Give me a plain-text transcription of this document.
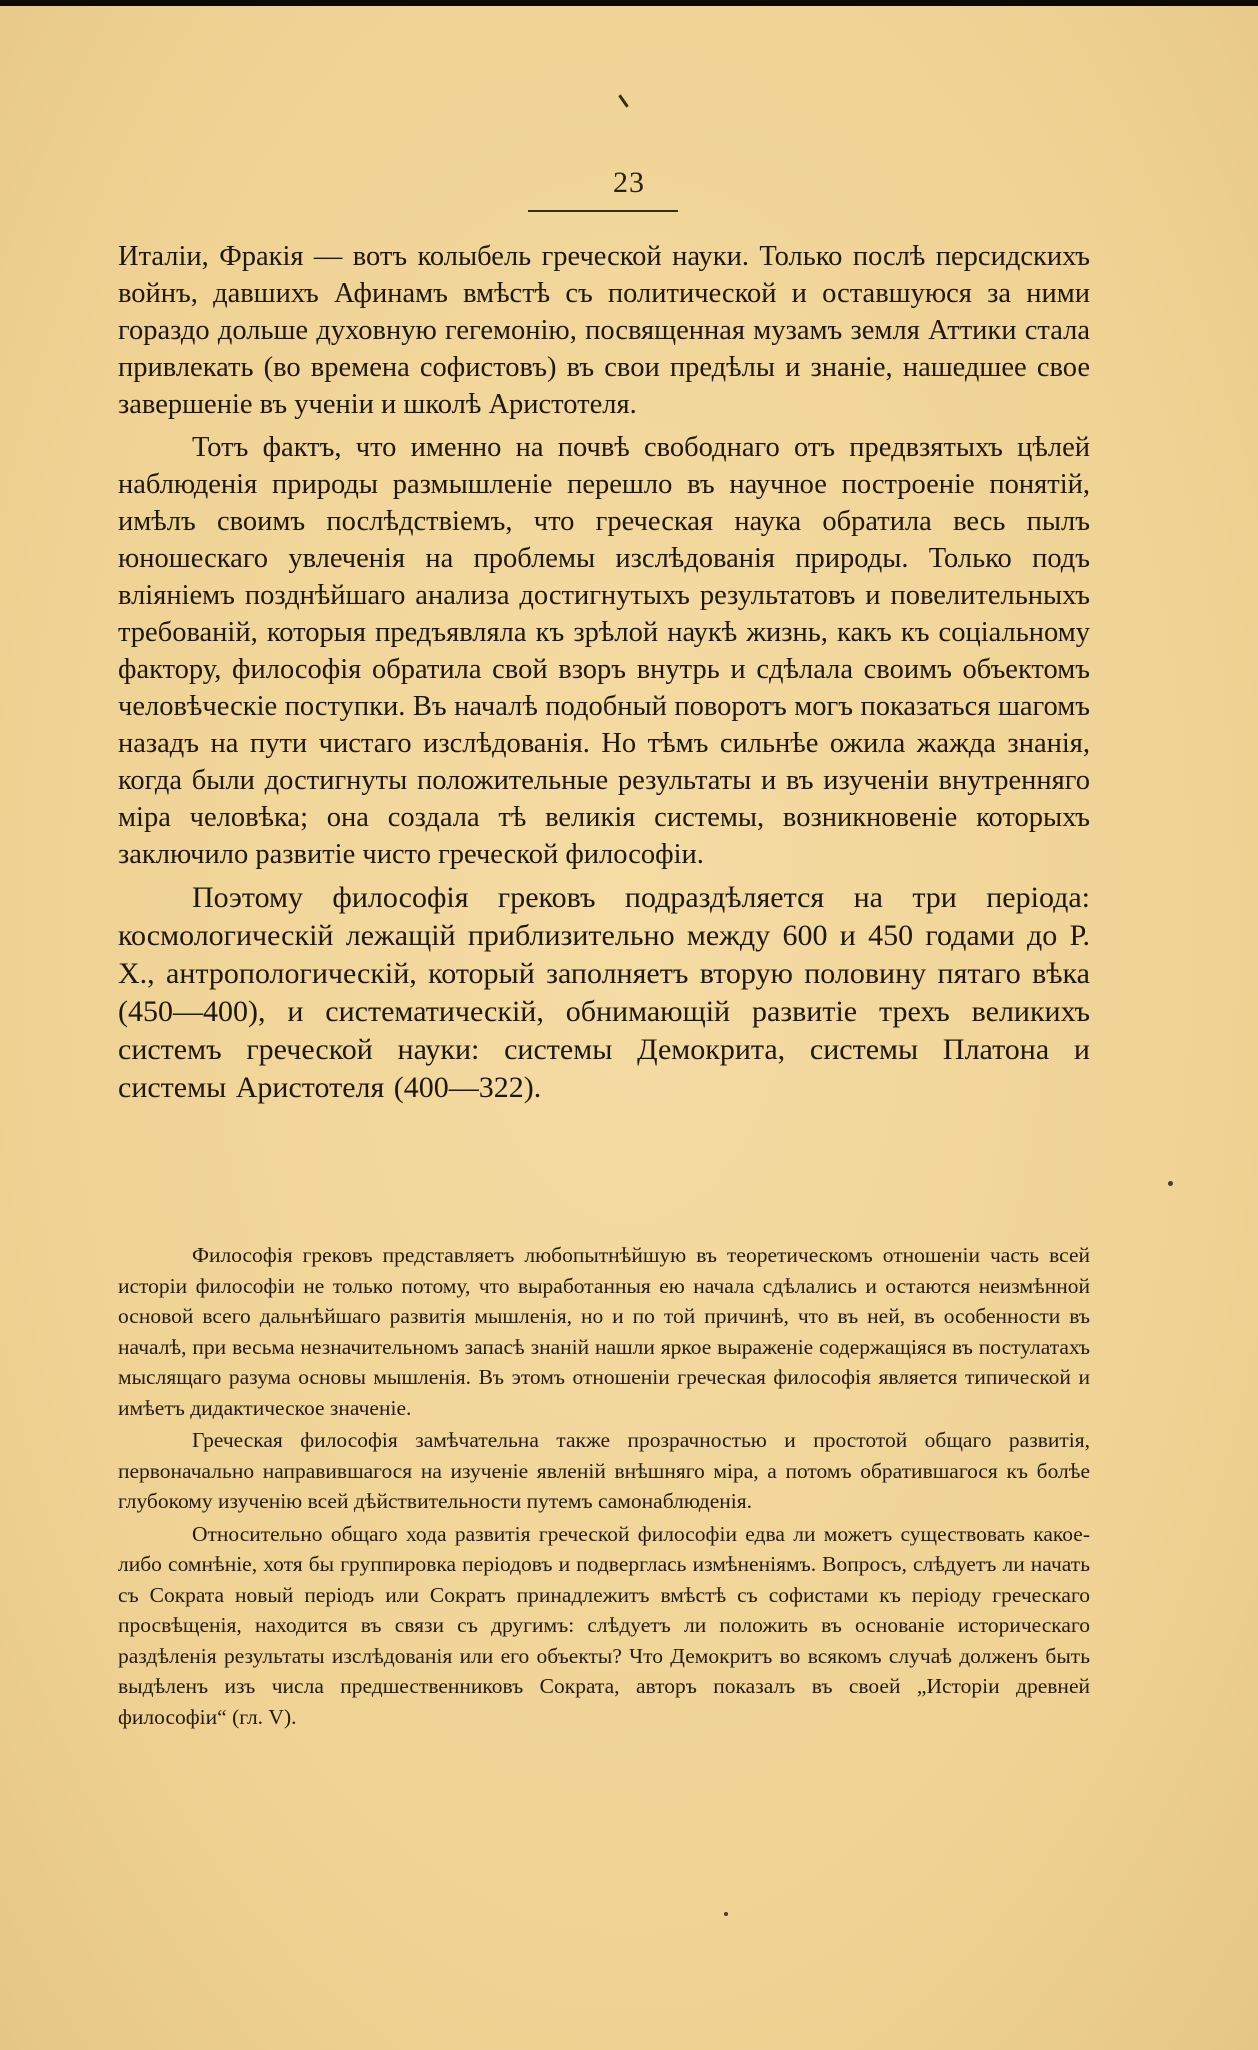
23

Италіи, Фракія — вотъ колыбель греческой науки. Только послѣ персидскихъ войнъ, давшихъ Афинамъ вмѣстѣ съ политической и оставшуюся за ними гораздо дольше духовную гегемонію, посвященная музамъ земля Аттики стала привлекать (во времена софистовъ) въ свои предѣлы и знаніе, нашедшее свое завершеніе въ ученіи и школѣ Аристотеля.

Тотъ фактъ, что именно на почвѣ свободнаго отъ предвзятыхъ цѣлей наблюденія природы размышленіе перешло въ научное построеніе понятій, имѣлъ своимъ послѣдствіемъ, что греческая наука обратила весь пылъ юношескаго увлеченія на проблемы изслѣдованія природы. Только подъ вліяніемъ позднѣйшаго анализа достигнутыхъ результатовъ и повелительныхъ требованій, которыя предъявляла къ зрѣлой наукѣ жизнь, какъ къ соціальному фактору, философія обратила свой взоръ внутрь и сдѣлала своимъ объектомъ человѣческіе поступки. Въ началѣ подобный поворотъ могъ показаться шагомъ назадъ на пути чистаго изслѣдованія. Но тѣмъ сильнѣе ожила жажда знанія, когда были достигнуты положительные результаты и въ изученіи внутренняго міра человѣка; она создала тѣ великія системы, возникновеніе которыхъ заключило развитіе чисто греческой философіи.

Поэтому философія грековъ подраздѣляется на три періода: космологическій лежащій приблизительно между 600 и 450 годами до Р. Х., антропологическій, который заполняетъ вторую половину пятаго вѣка (450—400), и систематическій, обнимающій развитіе трехъ великихъ системъ греческой науки: системы Демокрита, системы Платона и системы Аристотеля (400—322).

Философія грековъ представляетъ любопытнѣйшую въ теоретическомъ отношеніи часть всей исторіи философіи не только потому, что выработанныя ею начала сдѣлались и остаются неизмѣнной основой всего дальнѣйшаго развитія мышленія, но и по той причинѣ, что въ ней, въ особенности въ началѣ, при весьма незначительномъ запасѣ знаній нашли яркое выраженіе содержащіяся въ постулатахъ мыслящаго разума основы мышленія. Въ этомъ отношеніи греческая философія является типической и имѣетъ дидактическое значеніе.

Греческая философія замѣчательна также прозрачностью и простотой общаго развитія, первоначально направившагося на изученіе явленій внѣшняго міра, а потомъ обратившагося къ болѣе глубокому изученію всей дѣйствительности путемъ самонаблюденія.

Относительно общаго хода развитія греческой философіи едва ли можетъ существовать какое-либо сомнѣніе, хотя бы группировка періодовъ и подверглась измѣненіямъ. Вопросъ, слѣдуетъ ли начать съ Сократа новый періодъ или Сократъ принадлежитъ вмѣстѣ съ софистами къ періоду греческаго просвѣщенія, находится въ связи съ другимъ: слѣдуетъ ли положить въ основаніе историческаго раздѣленія результаты изслѣдованія или его объекты? Что Демокритъ во всякомъ случаѣ долженъ быть выдѣленъ изъ числа предшественниковъ Сократа, авторъ показалъ въ своей „Исторіи древней философіи“ (гл. V).
